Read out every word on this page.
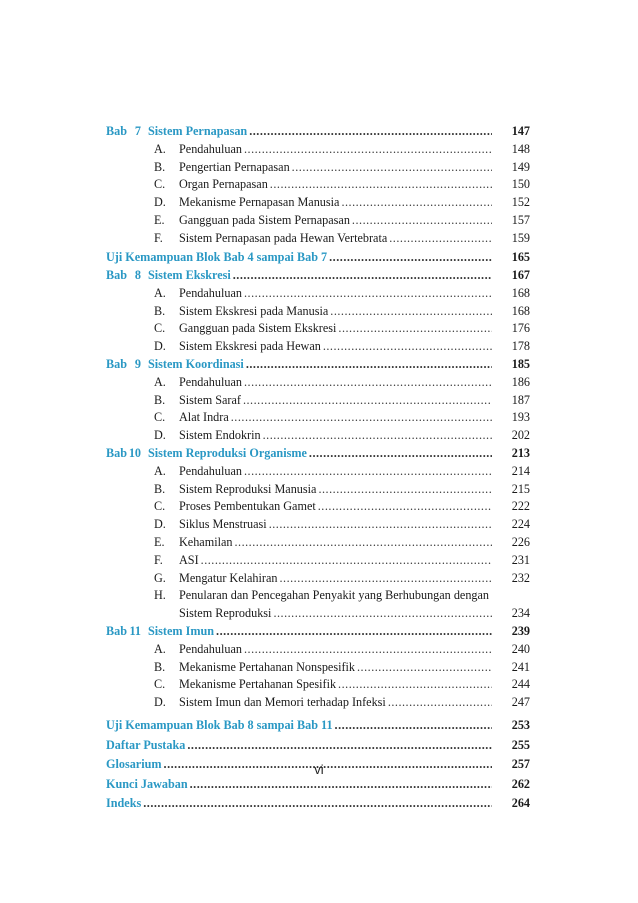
Bab 7 Sistem Pernapasan .....	147
A.	Pendahuluan .....	148
B.	Pengertian Pernapasan .....	149
C.	Organ Pernapasan .....	150
D.	Mekanisme Pernapasan Manusia .....	152
E.	Gangguan pada Sistem Pernapasan .....	157
F.	Sistem Pernapasan pada Hewan Vertebrata .....	159
Uji Kemampuan Blok Bab 4 sampai Bab 7 .....	165
Bab 8 Sistem Ekskresi .....	167
A.	Pendahuluan .....	168
B.	Sistem Ekskresi pada Manusia .....	168
C.	Gangguan pada Sistem Ekskresi .....	176
D.	Sistem Ekskresi pada Hewan .....	178
Bab 9 Sistem Koordinasi .....	185
A.	Pendahuluan .....	186
B.	Sistem Saraf .....	187
C.	Alat Indra .....	193
D.	Sistem Endokrin .....	202
Bab 10 Sistem Reproduksi Organisme .....	213
A.	Pendahuluan .....	214
B.	Sistem Reproduksi Manusia .....	215
C.	Proses Pembentukan Gamet .....	222
D.	Siklus Menstruasi .....	224
E.	Kehamilan .....	226
F.	ASI .....	231
G.	Mengatur Kelahiran .....	232
H.	Penularan dan Pencegahan Penyakit yang Berhubungan dengan
Sistem Reproduksi .....	234
Bab 11 Sistem Imun .....	239
A.	Pendahuluan .....	240
B.	Mekanisme Pertahanan Nonspesifik .....	241
C.	Mekanisme Pertahanan Spesifik .....	244
D.	Sistem Imun dan Memori terhadap Infeksi .....	247
Uji Kemampuan Blok Bab 8 sampai Bab 11 .....	253
Daftar Pustaka .....	255
Glosarium .....	257
Kunci Jawaban .....	262
Indeks .....	264
vi
